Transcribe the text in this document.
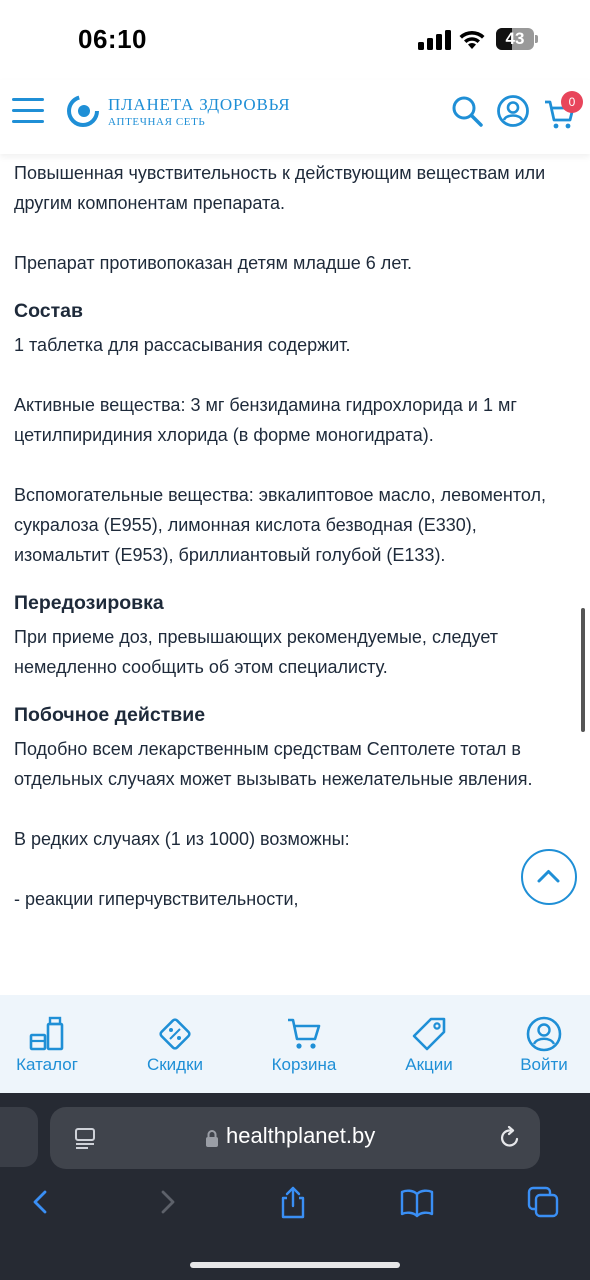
06:10	43
ПЛАНЕТА ЗДОРОВЬЯ
АПТЕЧНАЯ СЕТЬ
0

Повышенная чувствительность к действующим веществам или другим компонентам препарата.

Препарат противопоказан детям младше 6 лет.

Состав

1 таблетка для рассасывания содержит.

Активные вещества: 3 мг бензидамина гидрохлорида и 1 мг цетилпиридиния хлорида (в форме моногидрата).

Вспомогательные вещества: эвкалиптовое масло, левоментол, сукралоза (Е955), лимонная кислота безводная (Е330), изомальтит (Е953), бриллиантовый голубой (Е133).

Передозировка

При приеме доз, превышающих рекомендуемые, следует немедленно сообщить об этом специалисту.

Побочное действие

Подобно всем лекарственным средствам Септолете тотал в отдельных случаях может вызывать нежелательные явления.

В редких случаях (1 из 1000) возможны:

- реакции гиперчувствительности,

Каталог	Скидки	Корзина	Акции	Войти
healthplanet.by
